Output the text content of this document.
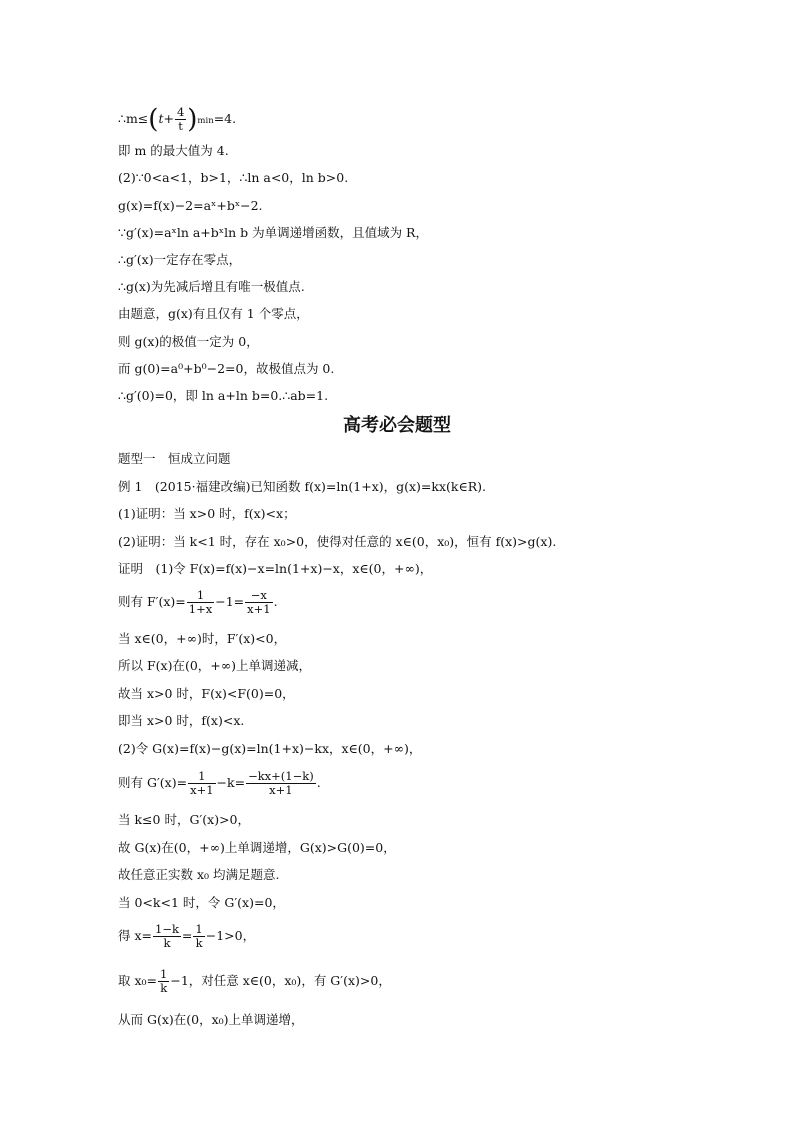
∴m≤(t+ $\frac{4}{t} )\min=4$.
即 m 的最大值为 4.
(2)∵0<a<1，b>1，∴ln a<0，ln b>0.
g(x)=f(x)−2=aˣ+bˣ−2.
∵g′(x)=aˣln a+bˣln b 为单调递增函数，且值域为 R，
∴g′(x)一定存在零点，
∴g(x)为先减后增且有唯一极值点.
由题意，g(x)有且仅有 1 个零点，
则 g(x)的极值一定为 0，
而 g(0)=a⁰+b⁰−2=0，故极值点为 0.
∴g′(0)=0，即 ln a+ln b=0.∴ab=1.
高考必会题型
题型一　恒成立问题
例 1　(2015·福建改编)已知函数 f(x)=ln(1+x)，g(x)=kx(k∈R).
(1)证明：当 x>0 时，f(x)<x；
(2)证明：当 k<1 时，存在 x₀>0，使得对任意的 x∈(0，x₀)，恒有 f(x)>g(x).
证明　(1)令 F(x)=f(x)−x=ln(1+x)−x，x∈(0，+∞)，
则有 $F'(x)= \frac{1}{1+x} -1= \frac{-x}{x+1}$ .
当 x∈(0，+∞)时，F′(x)<0，
所以 F(x)在(0，+∞)上单调递减，
故当 x>0 时，F(x)<F(0)=0，
即当 x>0 时，f(x)<x.
(2)令 G(x)=f(x)−g(x)=ln(1+x)−kx，x∈(0，+∞)，
则有 $G'(x)= \frac{1}{x+1} -k= \frac{-kx+(1-k)}{x+1}$ .
当 k≤0 时，G′(x)>0，
故 G(x)在(0，+∞)上单调递增，G(x)>G(0)=0，
故任意正实数 x₀ 均满足题意.
当 0<k<1 时，令 G′(x)=0，
得 $x= \frac{1-k}{k} = \frac{1}{k} -1>0$，
取 $x_0= \frac{1}{k} -1$，对任意 x∈(0，x₀)，有 G′(x)>0，
从而 G(x)在(0，x₀)上单调递增，
